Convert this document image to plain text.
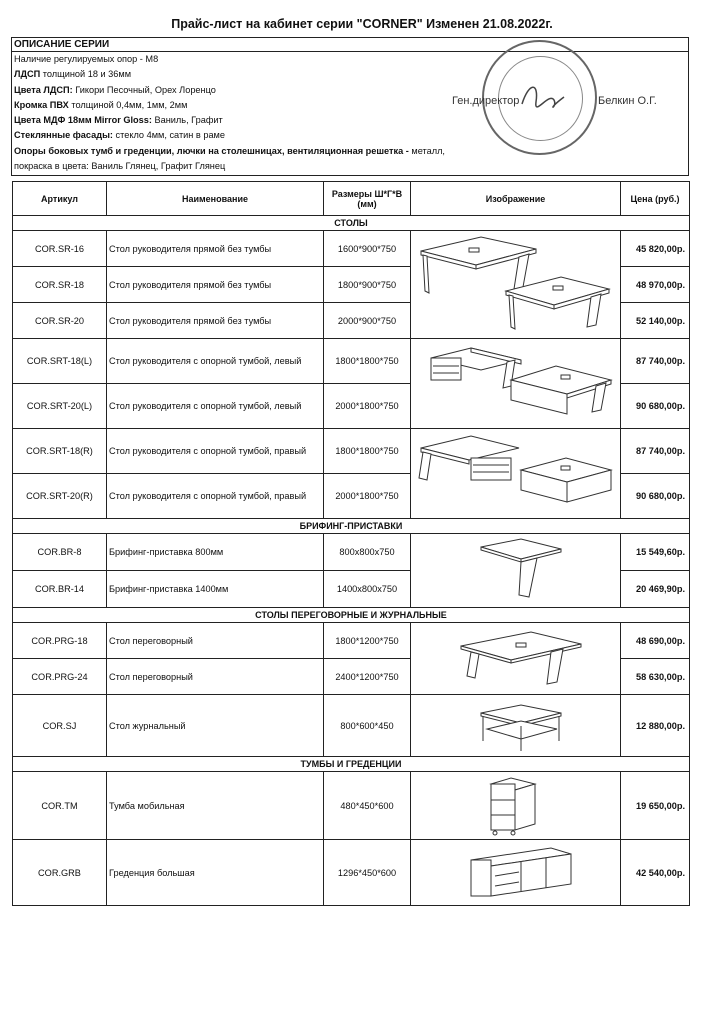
Прайс-лист на кабинет серии "CORNER" Изменен 21.08.2022г.
ОПИСАНИЕ СЕРИИ
Наличие регулируемых опор - М8
ЛДСП толщиной 18 и 36мм
Цвета ЛДСП: Гикори Песочный, Орех Лоренцо
Кромка ПВХ толщиной 0,4мм, 1мм, 2мм
Цвета МДФ 18мм Mirror Gloss: Ваниль, Графит
Стеклянные фасады: стекло 4мм, сатин в раме
Опоры боковых тумб и греденции, лючки на столешницах, вентиляционная решетка - металл,
покраска в цвета: Ваниль Глянец, Графит Глянец
Ген.директор	Белкин О.Г.
Артикул	Наименование	Размеры Ш*Г*В (мм)	Изображение	Цена (руб.)
СТОЛЫ				
COR.SR-16	Стол руководителя прямой без тумбы	1600*900*750		45 820,00р.
COR.SR-18	Стол руководителя прямой без тумбы	1800*900*750		48 970,00р.
COR.SR-20	Стол руководителя прямой без тумбы	2000*900*750		52 140,00р.
COR.SRT-18(L)	Стол руководителя с опорной тумбой, левый	1800*1800*750		87 740,00р.
COR.SRT-20(L)	Стол руководителя с опорной тумбой, левый	2000*1800*750		90 680,00р.
COR.SRT-18(R)	Стол руководителя с опорной тумбой, правый	1800*1800*750		87 740,00р.
COR.SRT-20(R)	Стол руководителя с опорной тумбой, правый	2000*1800*750		90 680,00р.
БРИФИНГ-ПРИСТАВКИ				
COR.BR-8	Брифинг-приставка 800мм	800x800x750		15 549,60р.
COR.BR-14	Брифинг-приставка 1400мм	1400x800x750		20 469,90р.
СТОЛЫ ПЕРЕГОВОРНЫЕ И ЖУРНАЛЬНЫЕ				
COR.PRG-18	Стол переговорный	1800*1200*750		48 690,00р.
COR.PRG-24	Стол переговорный	2400*1200*750		58 630,00р.
COR.SJ	Стол журнальный	800*600*450		12 880,00р.
ТУМБЫ И ГРЕДЕНЦИИ				
COR.TM	Тумба мобильная	480*450*600		19 650,00р.
COR.GRB	Греденция большая	1296*450*600		42 540,00р.
